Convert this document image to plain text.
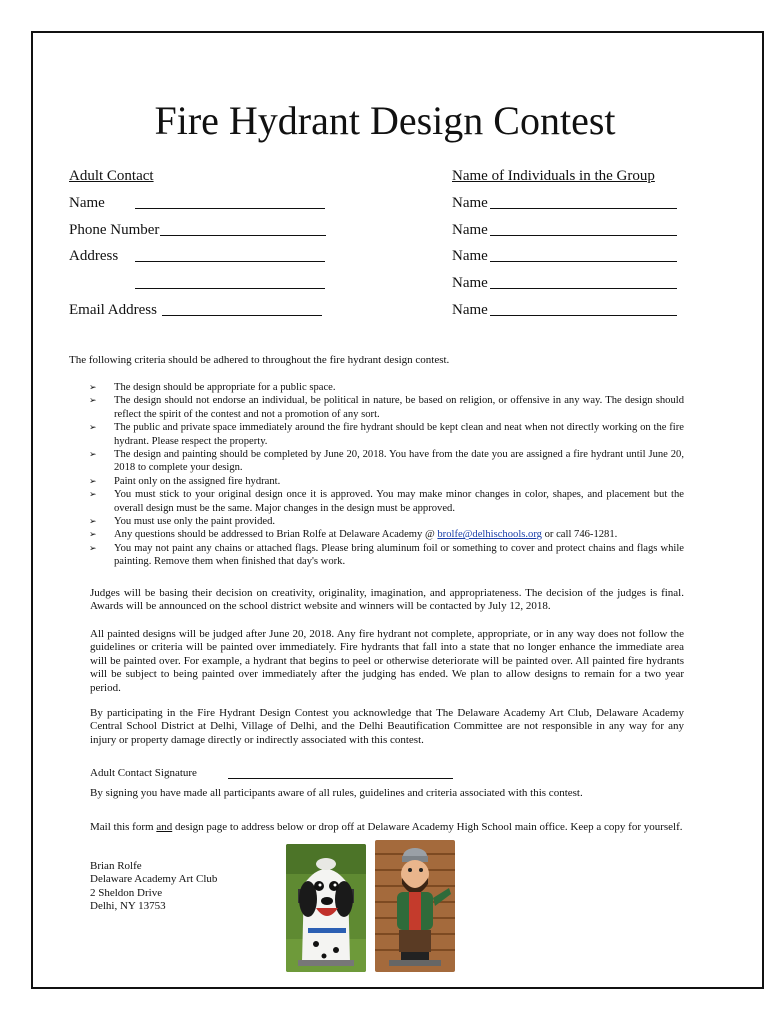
Fire Hydrant Design Contest
Adult Contact
Name
Phone Number
Address
Email Address
Name of Individuals in the Group
Name
Name
Name
Name
Name
The following criteria should be adhered to throughout the fire hydrant design contest.
➢ The design should be appropriate for a public space.
➢ The design should not endorse an individual, be political in nature, be based on religion, or offensive in any way. The design should reflect the spirit of the contest and not a promotion of any sort.
➢ The public and private space immediately around the fire hydrant should be kept clean and neat when not directly working on the fire hydrant. Please respect the property.
➢ The design and painting should be completed by June 20, 2018. You have from the date you are assigned a fire hydrant until June 20, 2018 to complete your design.
➢ Paint only on the assigned fire hydrant.
➢ You must stick to your original design once it is approved. You may make minor changes in color, shapes, and placement but the overall design must be the same. Major changes in the design must be approved.
➢ You must use only the paint provided.
➢ Any questions should be addressed to Brian Rolfe at Delaware Academy @ brolfe@delhischools.org or call 746-1281.
➢ You may not paint any chains or attached flags. Please bring aluminum foil or something to cover and protect chains and flags while painting. Remove them when finished that day's work.
Judges will be basing their decision on creativity, originality, imagination, and appropriateness. The decision of the judges is final. Awards will be announced on the school district website and winners will be contacted by July 12, 2018.
All painted designs will be judged after June 20, 2018. Any fire hydrant not complete, appropriate, or in any way does not follow the guidelines or criteria will be painted over immediately. Fire hydrants that fall into a state that no longer enhance the immediate area will be painted over. For example, a hydrant that begins to peel or otherwise deteriorate will be painted over. All painted fire hydrants will be subject to being painted over immediately after the judging has ended. We plan to allow designs to remain for a two year period.
By participating in the Fire Hydrant Design Contest you acknowledge that The Delaware Academy Art Club, Delaware Academy Central School District at Delhi, Village of Delhi, and the Delhi Beautification Committee are not responsible in any way for any injury or property damage directly or indirectly associated with this contest.
Adult Contact Signature
By signing you have made all participants aware of all rules, guidelines and criteria associated with this contest.
Mail this form and design page to address below or drop off at Delaware Academy High School main office. Keep a copy for yourself.
Brian Rolfe
Delaware Academy Art Club
2 Sheldon Drive
Delhi, NY 13753
